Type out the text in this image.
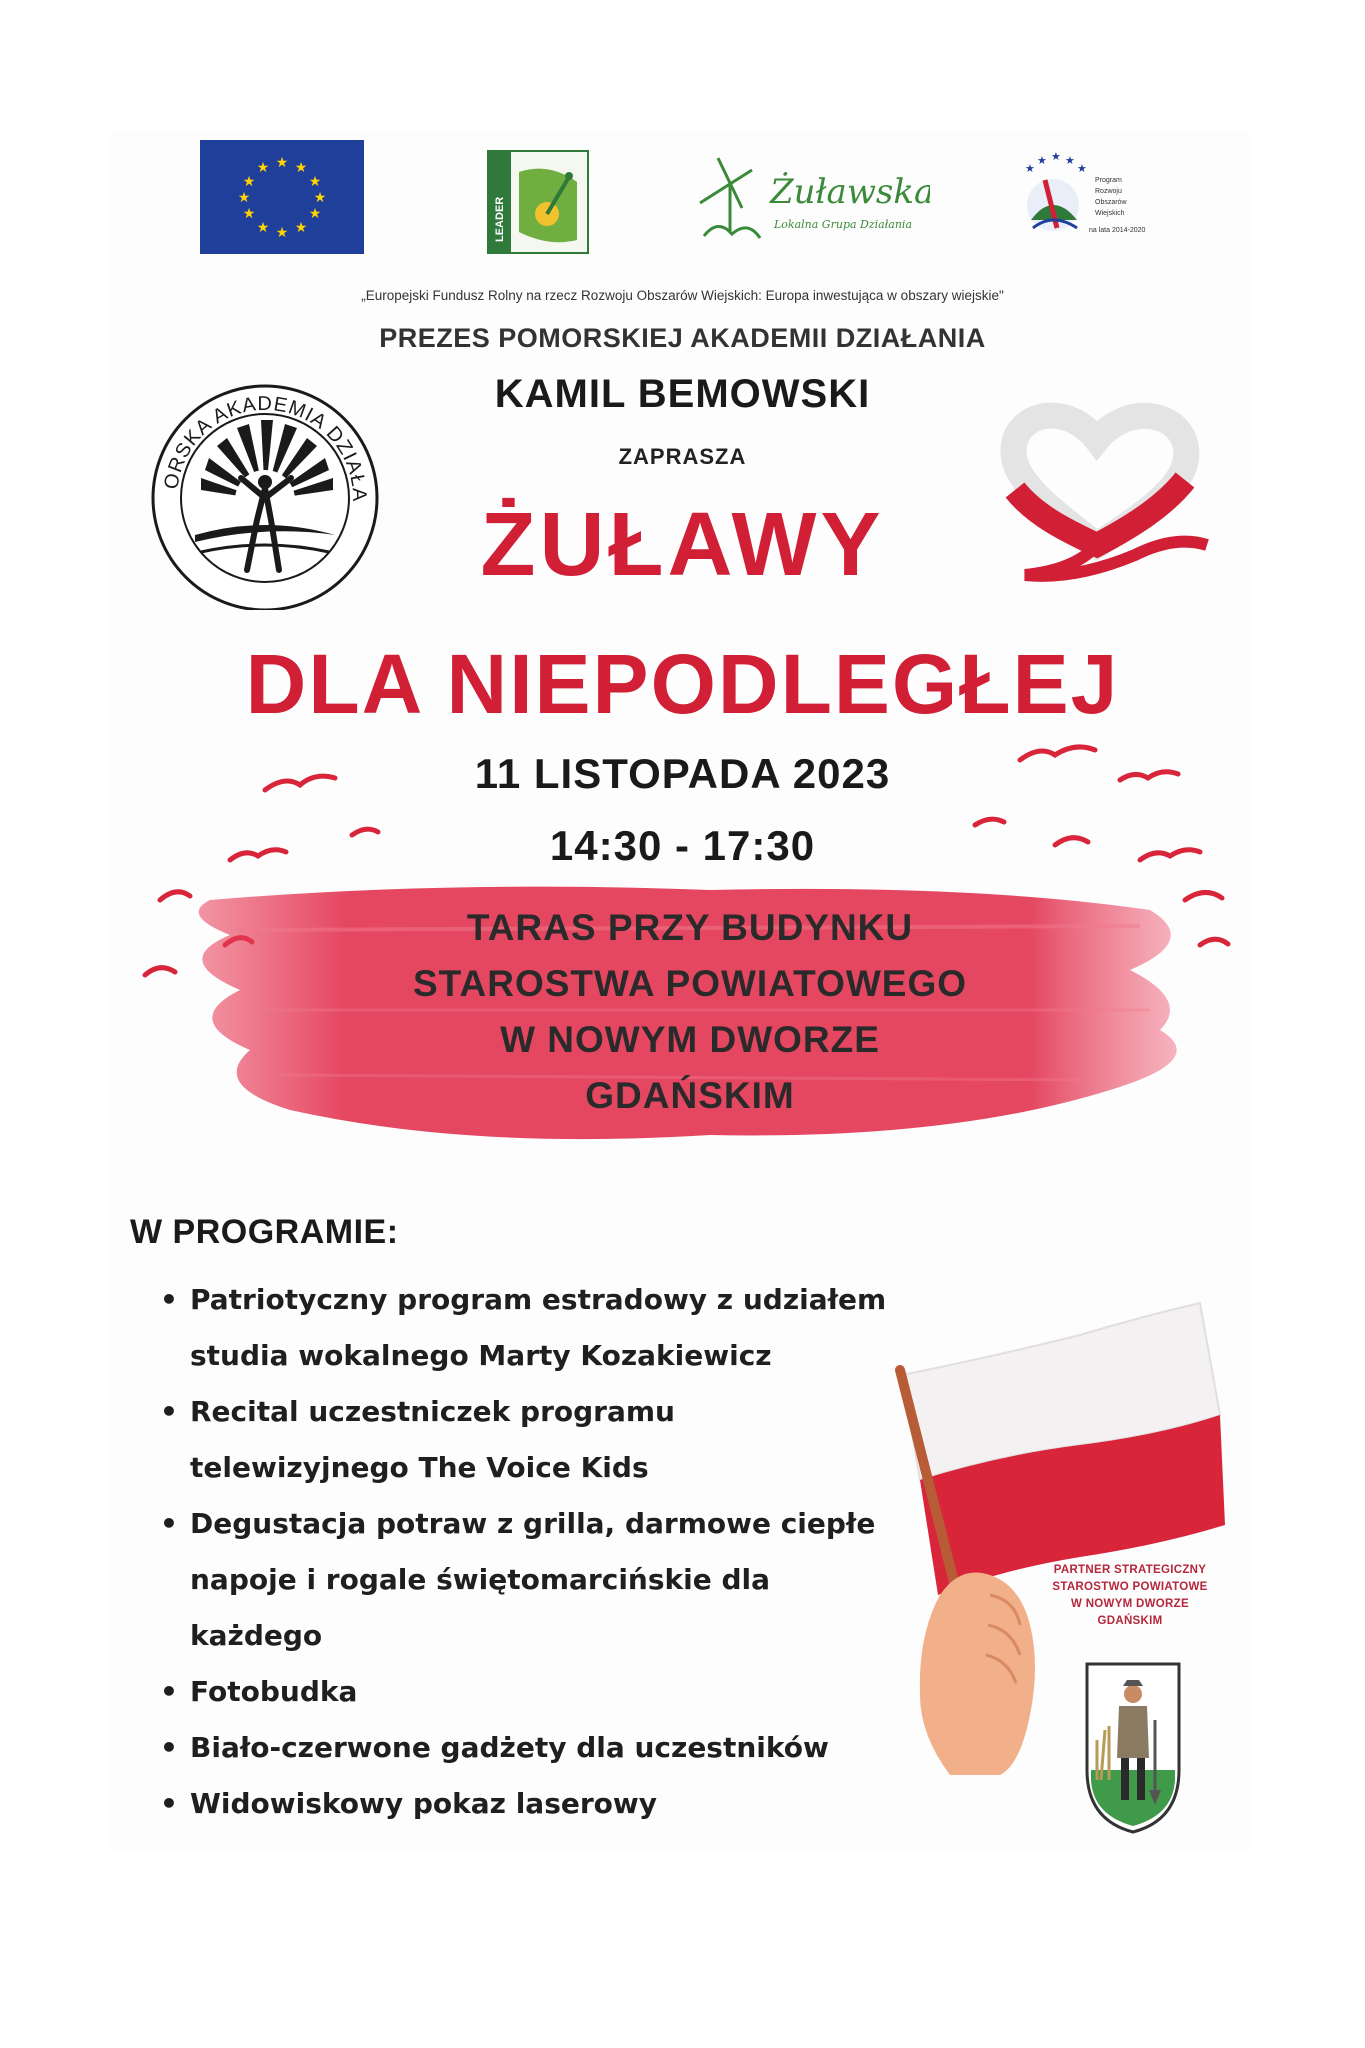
★ ★
★
★
★
★
★
★
★
★
★
★
LEADER
Żuławska
Lokalna Grupa Działania
★
★ ★ ★
★
Program
Rozwoju
Obszarów
Wiejskich
na lata 2014-2020
„Europejski Fundusz Rolny na rzecz Rozwoju Obszarów Wiejskich: Europa inwestująca w obszary wiejskie"
PREZES POMORSKIEJ AKADEMII DZIAŁANIA
KAMIL BEMOWSKI
ZAPRASZA
ORSKA AKADEMIA DZIAŁA
ŻUŁAWY
DLA NIEPODLEGŁEJ
11 LISTOPADA 2023
14:30 - 17:30
TARAS PRZY BUDYNKU
STAROSTWA POWIATOWEGO
W NOWYM DWORZE
GDAŃSKIM
W PROGRAMIE:
• Patriotyczny program estradowy z udziałem
studia wokalnego Marty Kozakiewicz
• Recital uczestniczek programu
telewizyjnego The Voice Kids
• Degustacja potraw z grilla, darmowe ciepłe
napoje i rogale świętomarcińskie dla
każdego
• Fotobudka
• Biało-czerwone gadżety dla uczestników
• Widowiskowy pokaz laserowy
PARTNER STRATEGICZNY
STAROSTWO POWIATOWE
W NOWYM DWORZE
GDAŃSKIM
